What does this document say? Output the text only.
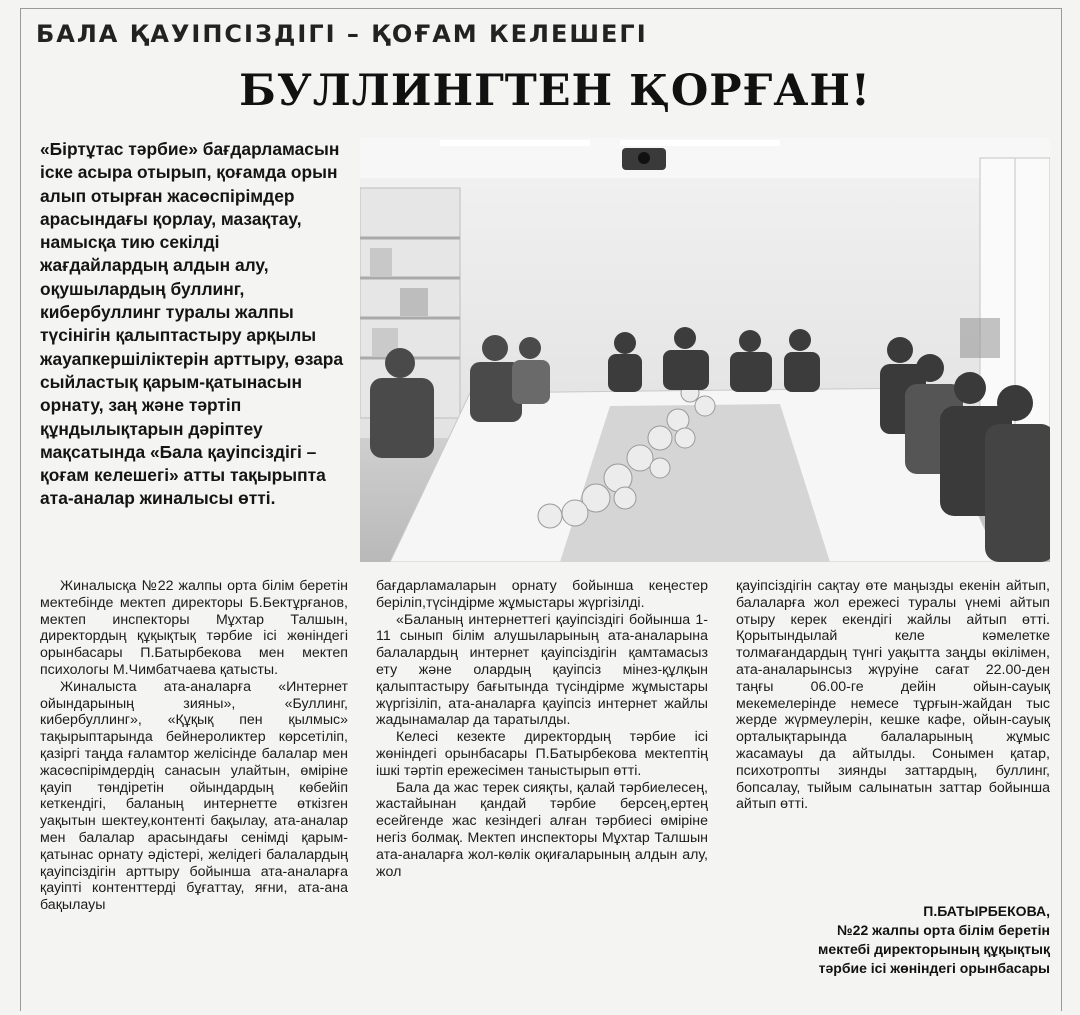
БАЛА ҚАУІПСІЗДІГІ – ҚОҒАМ КЕЛЕШЕГІ
БУЛЛИНГТЕН ҚОРҒАН!
«Біртұтас тәрбие» бағдарламасын іске асыра отырып, қоғамда орын алып отырған жасөспірімдер арасындағы қорлау, мазақтау, намысқа тию секілді жағдайлардың алдын алу, оқушылардың буллинг, кибербуллинг туралы жалпы түсінігін қалыптастыру арқылы жауапкершіліктерін арттыру, өзара сыйластық қарым-қатынасын орнату, заң және тәртіп құндылықтарын дәріптеу мақсатында «Бала қауіпсіздігі – қоғам келешегі» атты тақырыпта ата-аналар жиналысы өтті.

Жиналысқа №22 жалпы орта білім беретін мектебінде мектеп директоры Б.Бектұрғанов, мектеп инспекторы Мұхтар Талшын, директордың құқықтық тәрбие ісі жөніндегі орынбасары П.Батырбекова мен мектеп психологы М.Чимбатчаева қатысты.

Жиналыста ата-аналарға «Интернет ойындарының зияны», «Буллинг, кибербуллинг», «Құқық пен қылмыс» тақырыптарында бейнероликтер көрсетіліп, қазіргі таңда ғаламтор желісінде балалар мен жасөспірімдердің санасын улайтын, өміріне қауіп төндіретін ойындардың көбейіп кеткендігі, баланың интернетте өткізген уақытын шектеу,контенті бақылау, ата-аналар мен балалар арасындағы сенімді қарым-қатынас орнату әдістері, желідегі балалардың қауіпсіздігін арттыру бойынша ата-аналарға қауіпті контенттерді бұғаттау, яғни, ата-ана бақылауы

бағдарламаларын орнату бойынша кеңестер беріліп,түсіндірме жұмыстары жүргізілді.

«Баланың интернеттегі қауіпсіздігі бойынша 1-11 сынып білім алушыларының ата-аналарына балалардың интернет қауіпсіздігін қамтамасыз ету және олардың қауіпсіз мінез-құлқын қалыптастыру бағытында түсіндірме жұмыстары жүргізіліп, ата-аналарға қауіпсіз интернет жайлы жадынамалар да таратылды.

Келесі кезекте директордың тәрбие ісі жөніндегі орынбасары П.Батырбекова мектептің ішкі тәртіп ережесімен таныстырып өтті.

Бала да жас терек сияқты, қалай тәрбиелесең, жастайынан қандай тәрбие берсең,ертең есейгенде жас кезіндегі алған тәрбиесі өміріне негіз болмақ. Мектеп инспекторы Мұхтар Талшын ата-аналарға жол-көлік оқиғаларының алдын алу, жол

қауіпсіздігін сақтау өте маңызды екенін айтып, балаларға жол ережесі туралы үнемі айтып отыру керек екендігі жайлы айтып өтті. Қорытындылай келе кәмелетке толмағандардың түнгі уақытта заңды өкілімен, ата-аналарынсыз жүруіне сағат 22.00-ден таңғы 06.00-ге дейін ойын-сауық мекемелерінде немесе тұрғын-жайдан тыс жерде жүрмеулерін, кешке кафе, ойын-сауық орталықтарында балаларының жұмыс жасамауы да айтылды. Сонымен қатар, психотропты зиянды заттардың, буллинг, бопсалау, тыйым салынатын заттар бойынша айтып өтті.

П.БАТЫРБЕКОВА,
№22 жалпы орта білім беретін
мектебі директорының құқықтық
тәрбие ісі жөніндегі орынбасары
